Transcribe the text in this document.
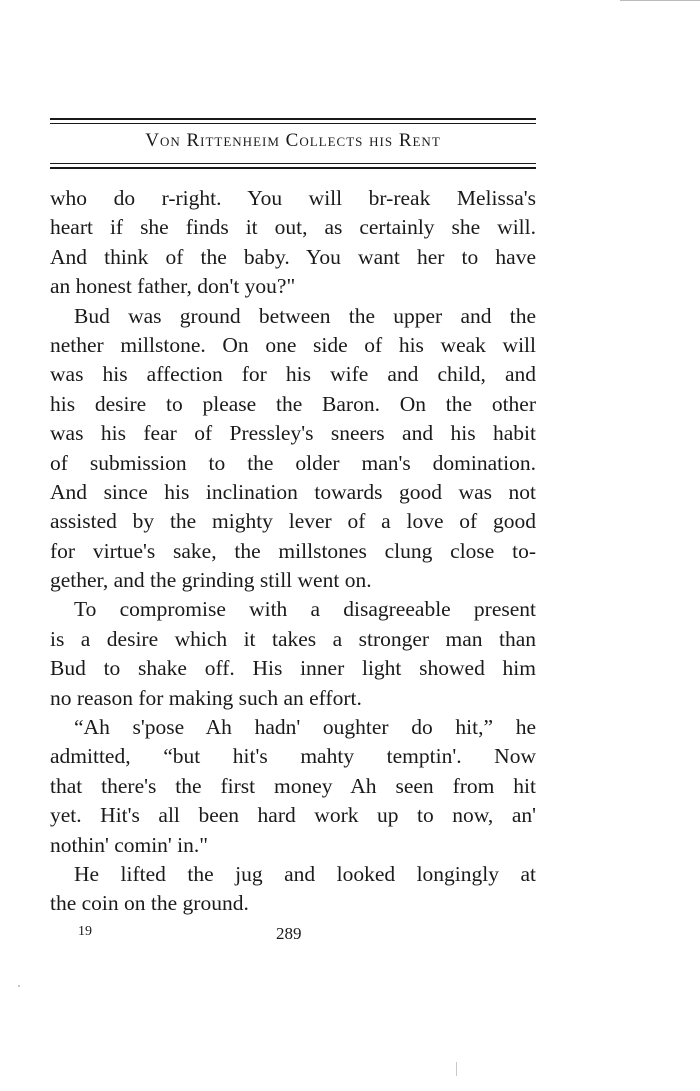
Von Rittenheim Collects his Rent
who do r-right. You will br-reak Melissa's
heart if she finds it out, as certainly she will.
And think of the baby. You want her to have
an honest father, don't you?"
Bud was ground between the upper and the
nether millstone. On one side of his weak will
was his affection for his wife and child, and
his desire to please the Baron. On the other
was his fear of Pressley's sneers and his habit
of submission to the older man's domination.
And since his inclination towards good was not
assisted by the mighty lever of a love of good
for virtue's sake, the millstones clung close to-
gether, and the grinding still went on.
To compromise with a disagreeable present
is a desire which it takes a stronger man than
Bud to shake off. His inner light showed him
no reason for making such an effort.
“Ah s'pose Ah hadn' oughter do hit,” he
admitted, “but hit's mahty temptin'. Now
that there's the first money Ah seen from hit
yet. Hit's all been hard work up to now, an'
nothin' comin' in."
He lifted the jug and looked longingly at
the coin on the ground.
19	289
